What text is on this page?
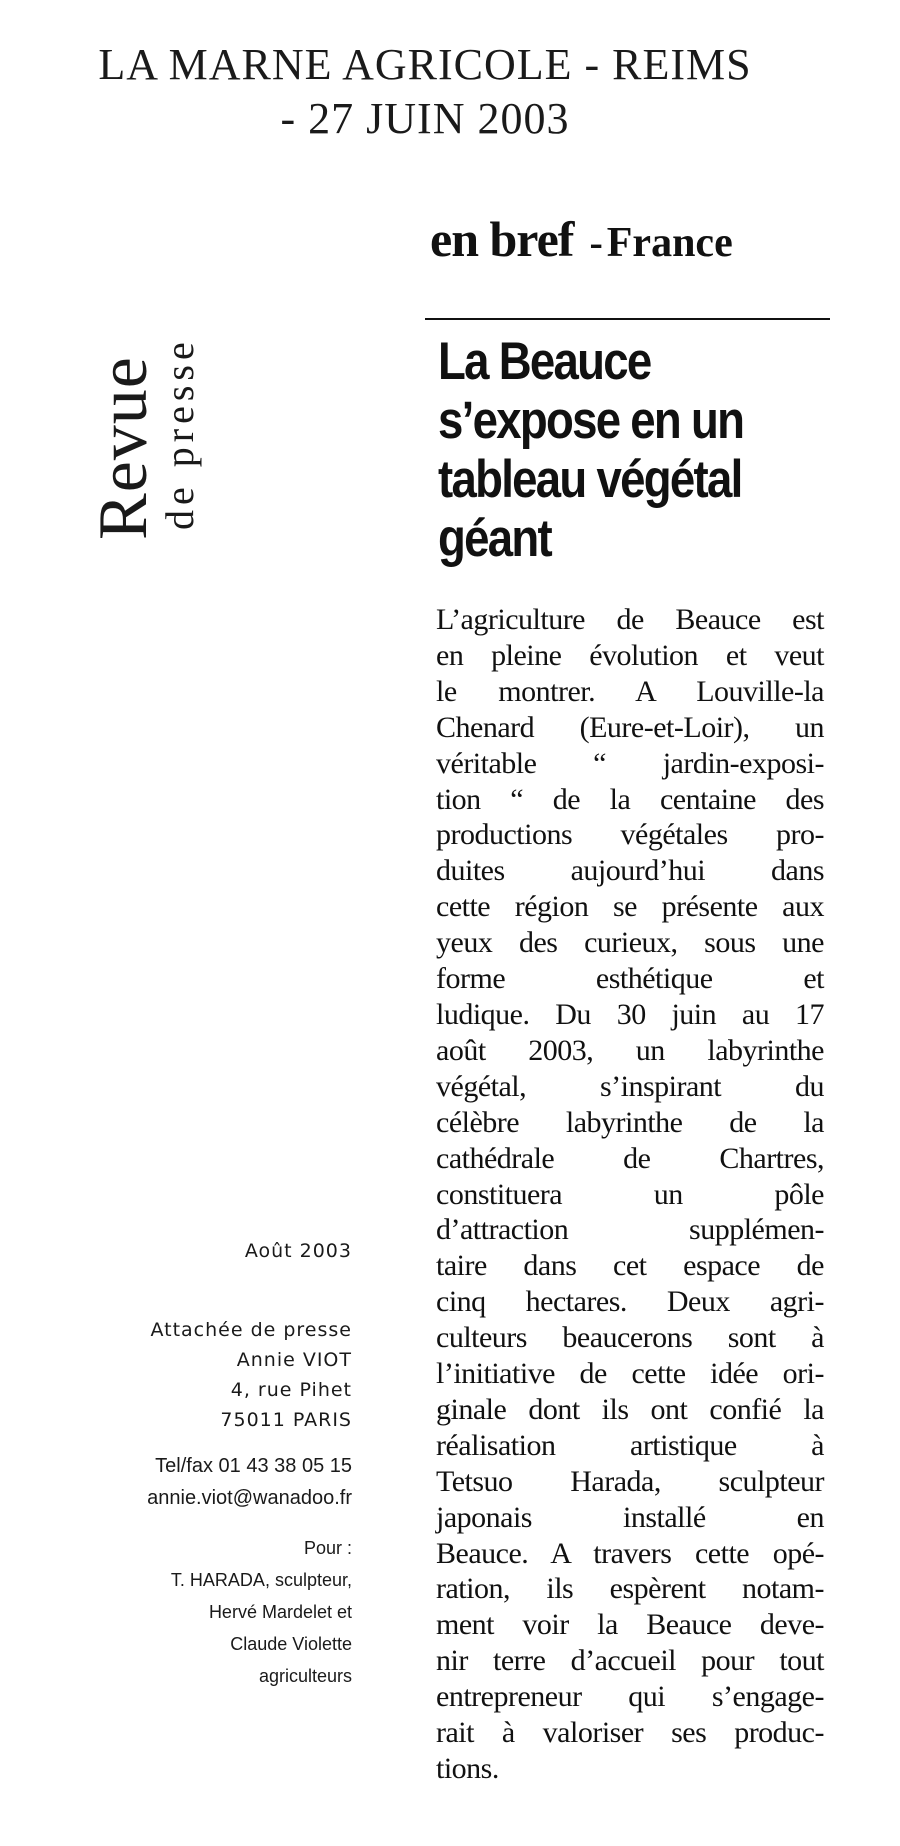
LA MARNE AGRICOLE - REIMS
- 27 JUIN 2003
Revue
de presse
en bref - France
La Beauce
s’expose en un
tableau végétal
géant
L’agriculture de Beauce est
en pleine évolution et veut
le montrer. A Louville-la
Chenard (Eure-et-Loir), un
véritable “ jardin-exposi-
tion “ de la centaine des
productions végétales pro-
duites aujourd’hui dans
cette région se présente aux
yeux des curieux, sous une
forme esthétique et
ludique. Du 30 juin au 17
août 2003, un labyrinthe
végétal, s’inspirant du
célèbre labyrinthe de la
cathédrale de Chartres,
constituera un pôle
d’attraction supplémen-
taire dans cet espace de
cinq hectares. Deux agri-
culteurs beaucerons sont à
l’initiative de cette idée ori-
ginale dont ils ont confié la
réalisation artistique à
Tetsuo Harada, sculpteur
japonais installé en
Beauce. A travers cette opé-
ration, ils espèrent notam-
ment voir la Beauce deve-
nir terre d’accueil pour tout
entrepreneur qui s’engage-
rait à valoriser ses produc-
tions.
Août 2003
Attachée de presse
Annie VIOT
4, rue Pihet
75011 PARIS
Tel/fax 01 43 38 05 15
annie.viot@wanadoo.fr
Pour :
T. HARADA, sculpteur,
Hervé Mardelet et
Claude Violette
agriculteurs
